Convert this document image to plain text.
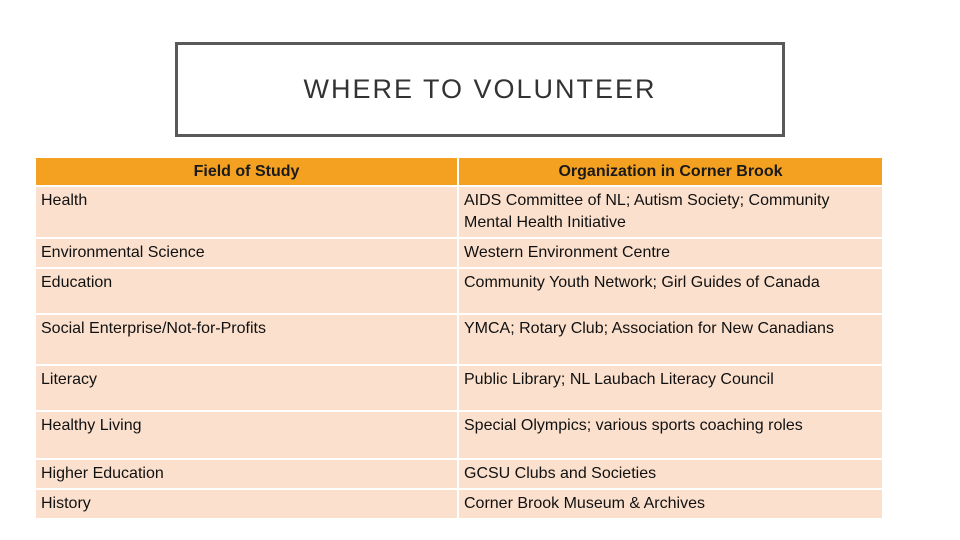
WHERE TO VOLUNTEER
Field of Study	Organization in Corner Brook
Health	AIDS Committee of NL; Autism Society; Community Mental Health Initiative
Environmental Science	Western Environment Centre
Education	Community Youth Network; Girl Guides of Canada
Social Enterprise/Not-for-Profits	YMCA; Rotary Club; Association for New Canadians
Literacy	Public Library; NL Laubach Literacy Council
Healthy Living	Special Olympics; various sports coaching roles
Higher Education	GCSU Clubs and Societies
History	Corner Brook Museum & Archives
